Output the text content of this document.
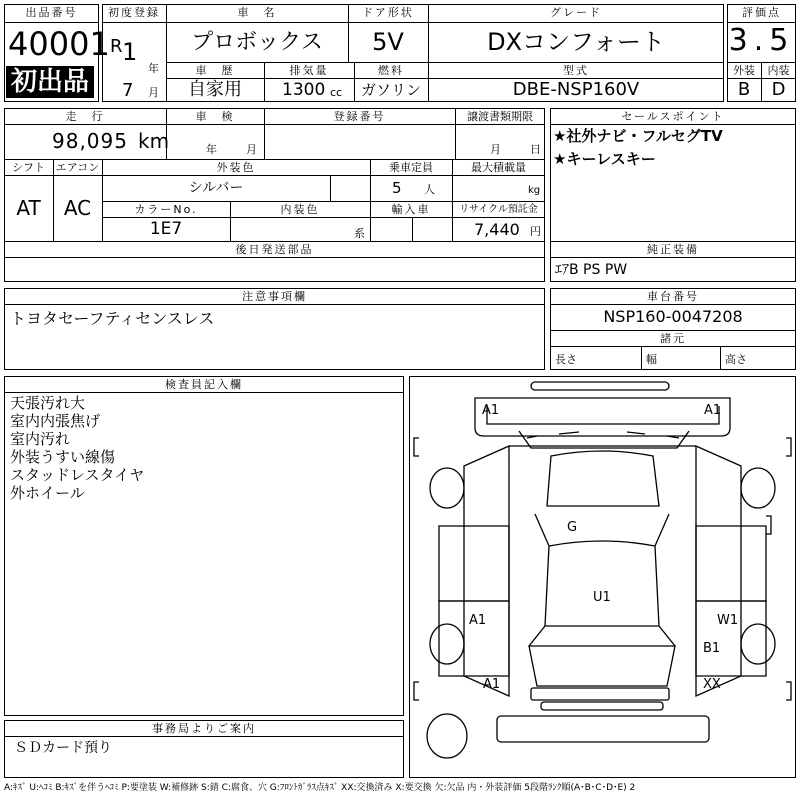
出品番号
40001
初出品
初度登録
R 1
年
7 月
車　名
プロボックス
ドア形状
5V
グレード
DXコンフォート
車　歴
自家用
排気量
1300 cc
燃料
ガソリン
型式
DBE-NSP160V
評価点
3.5
外装	内装
B	D
走　行
98,095 km
車　検
年	月
登録番号	譲渡書類期限
月	日
シフト
AT
エアコン
AC
外装色
シルバー
乗車定員
5 人
最大積載量
kg
カラーNo.
1E7
内装色
系
輸入車	リサイクル預託金
7,440 円
後日発送部品
セールスポイント
★社外ナビ・フルセグTV
★キーレスキー
純正装備
ｴｱB PS PW
注意事項欄
トヨタセーフティセンスレス
車台番号
NSP160-0047208
諸元
長さ	幅	高さ
検査員記入欄
天張汚れ大
室内内張焦げ
室内汚れ
外装うすい線傷
スタッドレスタイヤ
外ホイール
事務局よりご案内
ＳＤカード預り
A1	A1
G
U1
A1	W1
B1
A1	XX
A:ｷｽﾞ U:ﾍｺﾐ B:ｷｽﾞを伴うﾍｺﾐ P:要塗装 W:補修跡 S:錆 C:腐食、穴 G:ﾌﾛﾝﾄｶﾞﾗｽ点ｷｽﾞ XX:交換済み X:要交換 欠:欠品 内・外装評価 5段階ﾗﾝｸ順(A･B･C･D･E) 2
